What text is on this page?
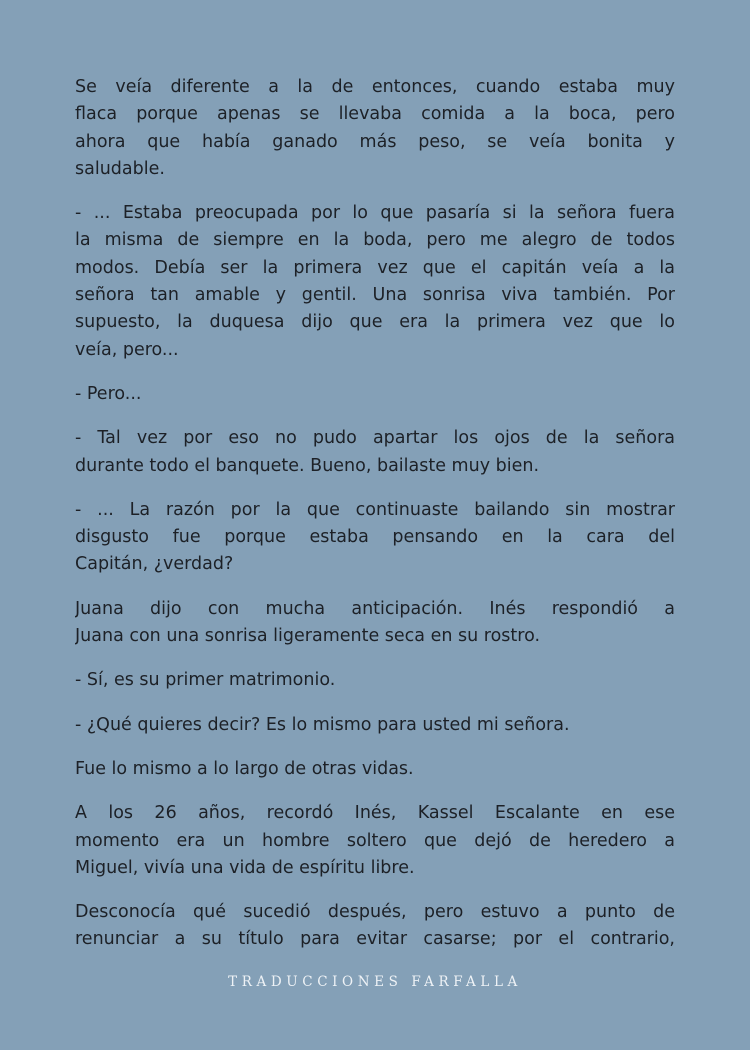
Se veía diferente a la de entonces, cuando estaba muy
flaca porque apenas se llevaba comida a la boca, pero
ahora que había ganado más peso, se veía bonita y
saludable.

- ... Estaba preocupada por lo que pasaría si la señora fuera
la misma de siempre en la boda, pero me alegro de todos
modos. Debía ser la primera vez que el capitán veía a la
señora tan amable y gentil. Una sonrisa viva también. Por
supuesto, la duquesa dijo que era la primera vez que lo
veía, pero...

- Pero...

- Tal vez por eso no pudo apartar los ojos de la señora
durante todo el banquete. Bueno, bailaste muy bien.

- ... La razón por la que continuaste bailando sin mostrar
disgusto fue porque estaba pensando en la cara del
Capitán, ¿verdad?

Juana dijo con mucha anticipación. Inés respondió a
Juana con una sonrisa ligeramente seca en su rostro.

- Sí, es su primer matrimonio.

- ¿Qué quieres decir? Es lo mismo para usted mi señora.

Fue lo mismo a lo largo de otras vidas.

A los 26 años, recordó Inés, Kassel Escalante en ese
momento era un hombre soltero que dejó de heredero a
Miguel, vivía una vida de espíritu libre.

Desconocía qué sucedió después, pero estuvo a punto de
renunciar a su título para evitar casarse; por el contrario,

TRADUCCIONES FARFALLA
